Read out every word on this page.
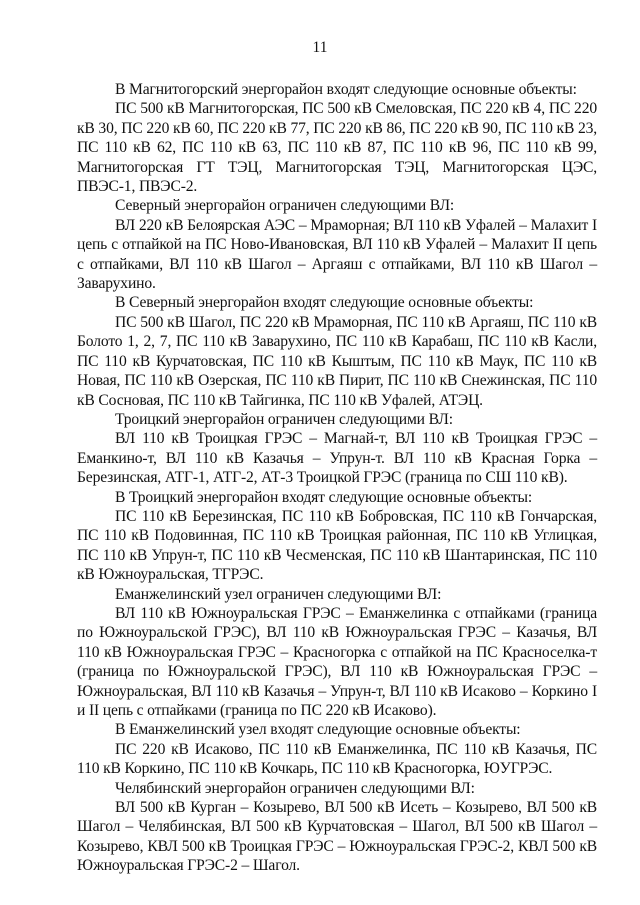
11

В Магнитогорский энергорайон входят следующие основные объекты:

ПС 500 кВ Магнитогорская, ПС 500 кВ Смеловская, ПС 220 кВ 4, ПС 220 кВ 30, ПС 220 кВ 60, ПС 220 кВ 77, ПС 220 кВ 86, ПС 220 кВ 90, ПС 110 кВ 23, ПС 110 кВ 62, ПС 110 кВ 63, ПС 110 кВ 87, ПС 110 кВ 96, ПС 110 кВ 99, Магнитогорская ГТ ТЭЦ, Магнитогорская ТЭЦ, Магнитогорская ЦЭС, ПВЭС-1, ПВЭС-2.

Северный энергорайон ограничен следующими ВЛ:

ВЛ 220 кВ Белоярская АЭС – Мраморная; ВЛ 110 кВ Уфалей – Малахит I цепь с отпайкой на ПС Ново-Ивановская, ВЛ 110 кВ Уфалей – Малахит II цепь с отпайками, ВЛ 110 кВ Шагол – Аргаяш с отпайками, ВЛ 110 кВ Шагол – Заварухино.

В Северный энергорайон входят следующие основные объекты:

ПС 500 кВ Шагол, ПС 220 кВ Мраморная, ПС 110 кВ Аргаяш, ПС 110 кВ Болото 1, 2, 7, ПС 110 кВ Заварухино, ПС 110 кВ Карабаш, ПС 110 кВ Касли, ПС 110 кВ Курчатовская, ПС 110 кВ Кыштым, ПС 110 кВ Маук, ПС 110 кВ Новая, ПС 110 кВ Озерская, ПС 110 кВ Пирит, ПС 110 кВ Снежинская, ПС 110 кВ Сосновая, ПС 110 кВ Тайгинка, ПС 110 кВ Уфалей, АТЭЦ.

Троицкий энергорайон ограничен следующими ВЛ:

ВЛ 110 кВ Троицкая ГРЭС – Магнай-т, ВЛ 110 кВ Троицкая ГРЭС – Еманкино-т, ВЛ 110 кВ Казачья – Упрун-т. ВЛ 110 кВ Красная Горка – Березинская, АТГ-1, АТГ-2, АТ-3 Троицкой ГРЭС (граница по СШ 110 кВ).

В Троицкий энергорайон входят следующие основные объекты:

ПС 110 кВ Березинская, ПС 110 кВ Бобровская, ПС 110 кВ Гончарская, ПС 110 кВ Подовинная, ПС 110 кВ Троицкая районная, ПС 110 кВ Углицкая, ПС 110 кВ Упрун-т, ПС 110 кВ Чесменская, ПС 110 кВ Шантаринская, ПС 110 кВ Южноуральская, ТГРЭС.

Еманжелинский узел ограничен следующими ВЛ:

ВЛ 110 кВ Южноуральская ГРЭС – Еманжелинка с отпайками (граница по Южноуральской ГРЭС), ВЛ 110 кВ Южноуральская ГРЭС – Казачья, ВЛ 110 кВ Южноуральская ГРЭС – Красногорка с отпайкой на ПС Красноселка-т (граница по Южноуральской ГРЭС), ВЛ 110 кВ Южноуральская ГРЭС – Южноуральская, ВЛ 110 кВ Казачья – Упрун-т, ВЛ 110 кВ Исаково – Коркино I и II цепь с отпайками (граница по ПС 220 кВ Исаково).

В Еманжелинский узел входят следующие основные объекты:

ПС 220 кВ Исаково, ПС 110 кВ Еманжелинка, ПС 110 кВ Казачья, ПС 110 кВ Коркино, ПС 110 кВ Кочкарь, ПС 110 кВ Красногорка, ЮУГРЭС.

Челябинский энергорайон ограничен следующими ВЛ:

ВЛ 500 кВ Курган – Козырево, ВЛ 500 кВ Исеть – Козырево, ВЛ 500 кВ Шагол – Челябинская, ВЛ 500 кВ Курчатовская – Шагол, ВЛ 500 кВ Шагол – Козырево, КВЛ 500 кВ Троицкая ГРЭС – Южноуральская ГРЭС-2, КВЛ 500 кВ Южноуральская ГРЭС-2 – Шагол.
